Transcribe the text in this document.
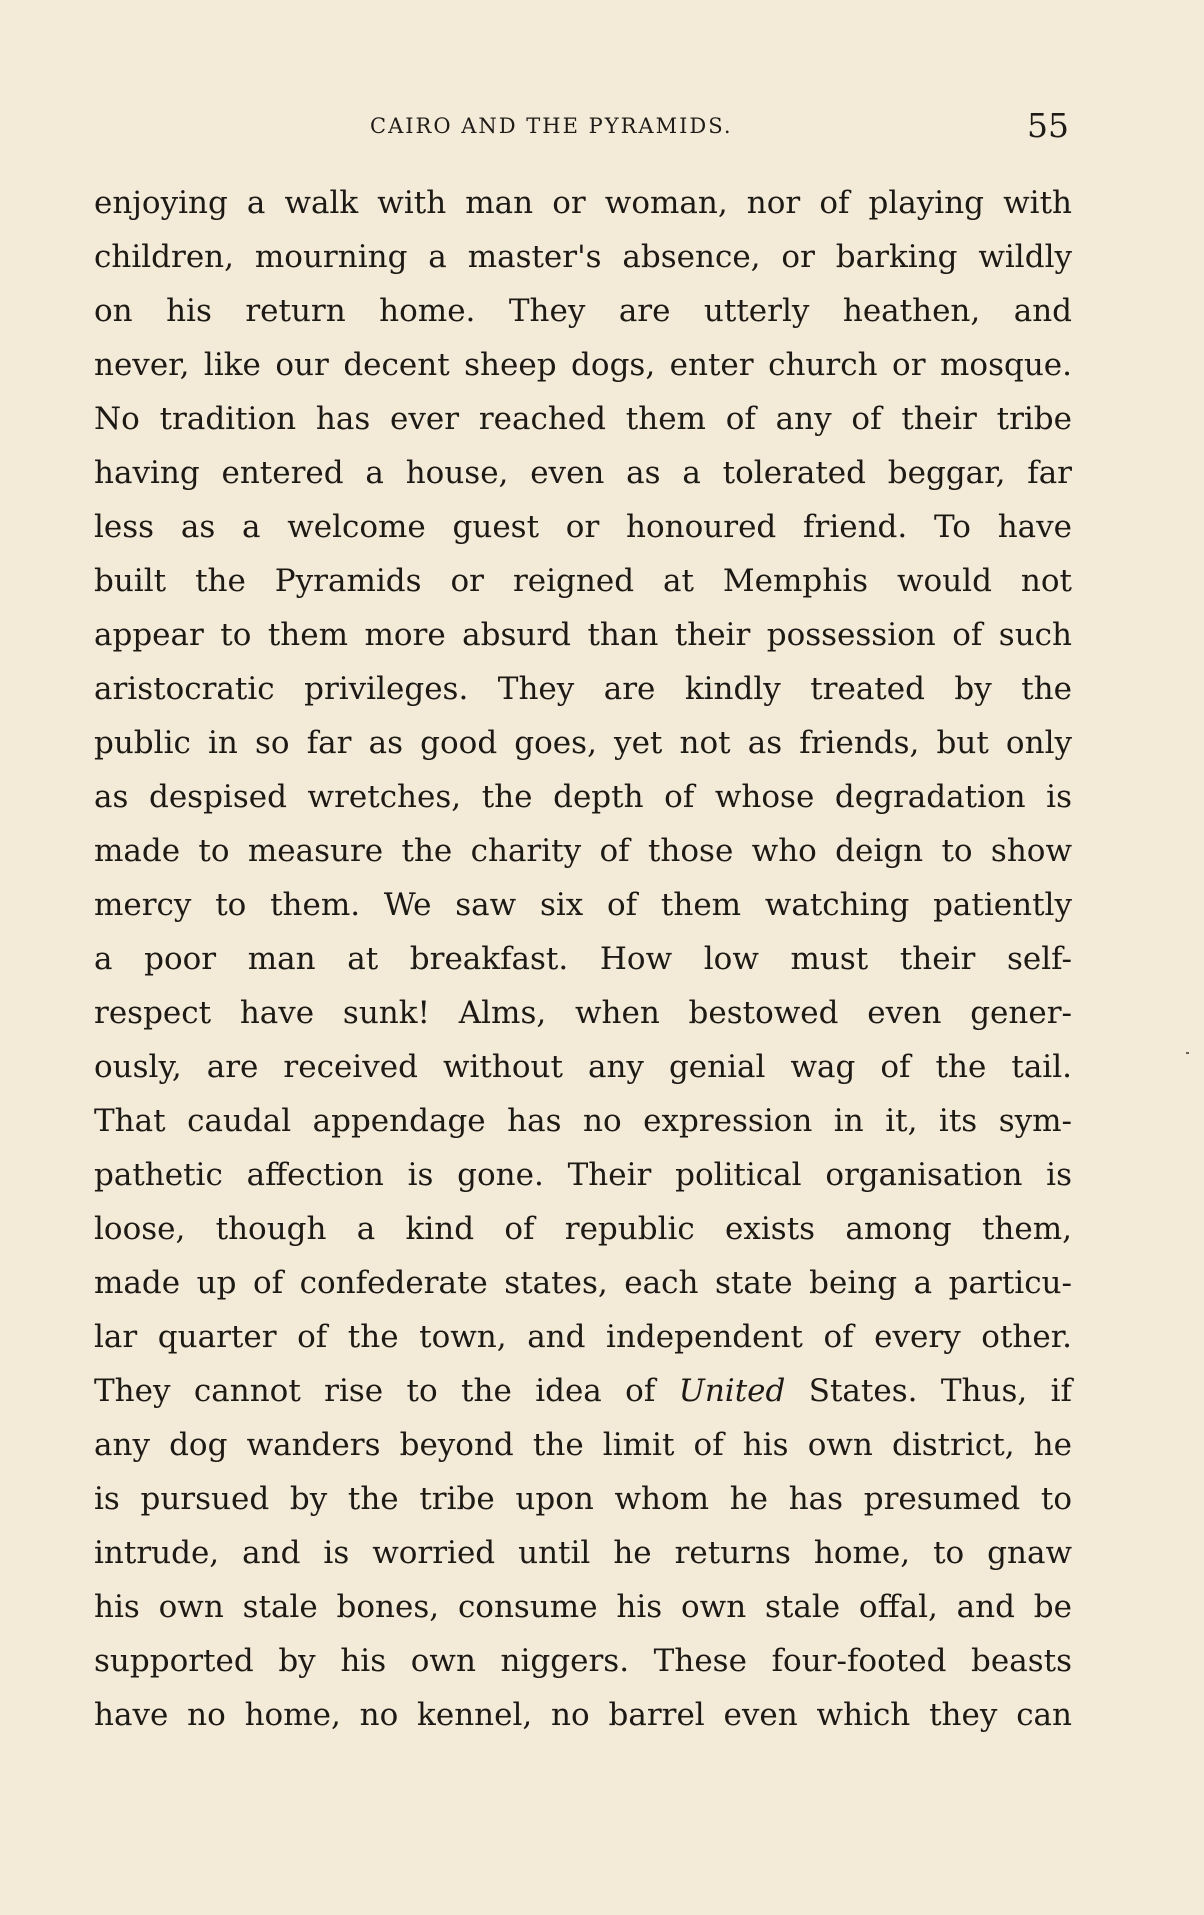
CAIRO AND THE PYRAMIDS.	55
enjoying a walk with man or woman, nor of playing with
children, mourning a master's absence, or barking wildly
on his return home. They are utterly heathen, and
never, like our decent sheep dogs, enter church or mosque.
No tradition has ever reached them of any of their tribe
having entered a house, even as a tolerated beggar, far
less as a welcome guest or honoured friend. To have
built the Pyramids or reigned at Memphis would not
appear to them more absurd than their possession of such
aristocratic privileges. They are kindly treated by the
public in so far as good goes, yet not as friends, but only
as despised wretches, the depth of whose degradation is
made to measure the charity of those who deign to show
mercy to them. We saw six of them watching patiently
a poor man at breakfast. How low must their self-
respect have sunk! Alms, when bestowed even gener-
ously, are received without any genial wag of the tail.
That caudal appendage has no expression in it, its sym-
pathetic affection is gone. Their political organisation is
loose, though a kind of republic exists among them,
made up of confederate states, each state being a particu-
lar quarter of the town, and independent of every other.
They cannot rise to the idea of United States. Thus, if
any dog wanders beyond the limit of his own district, he
is pursued by the tribe upon whom he has presumed to
intrude, and is worried until he returns home, to gnaw
his own stale bones, consume his own stale offal, and be
supported by his own niggers. These four-footed beasts
have no home, no kennel, no barrel even which they can
